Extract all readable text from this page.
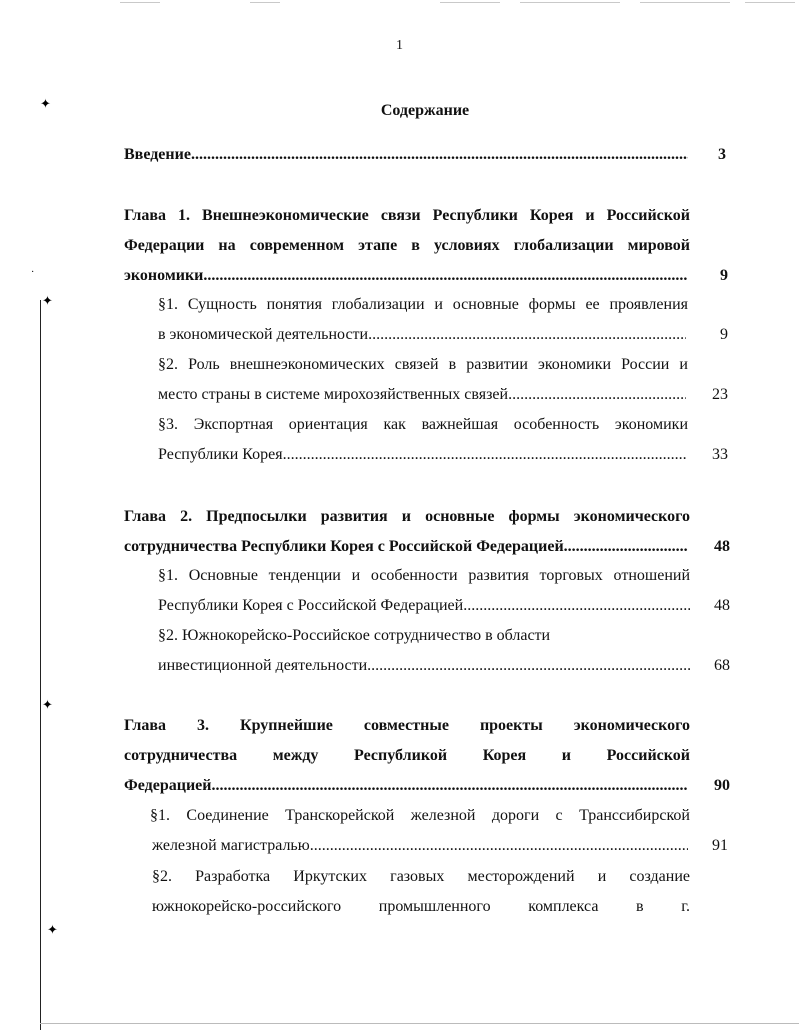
✦
·
✦
✦
✦
1
Содержание
Введение .....	3
Глава 1. Внешнеэкономические связи Республики Корея и Российской
Федерации на современном этапе в условиях глобализации мировой
экономики .....	9
§1. Сущность понятия глобализации и основные формы ее проявления
в экономической деятельности .....	9
§2. Роль внешнеэкономических связей в развитии экономики России и
место страны в системе мирохозяйственных связей .....	23
§3. Экспортная ориентация как важнейшая особенность экономики
Республики Корея .....	33
Глава 2. Предпосылки развития и основные формы экономического
сотрудничества Республики Корея с Российской Федерацией .....	48
§1. Основные тенденции и особенности развития торговых отношений
Республики Корея с Российской Федерацией .....	48
§2. Южнокорейско-Российское сотрудничество в области
инвестиционной деятельности .....	68
Глава 3. Крупнейшие совместные проекты экономического
сотрудничества между Республикой Корея и Российской
Федерацией .....	90
§1. Соединение Транскорейской железной дороги с Транссибирской
железной магистралью .....	91
§2. Разработка Иркутских газовых месторождений и создание
южнокорейско-российского промышленного комплекса в г.
